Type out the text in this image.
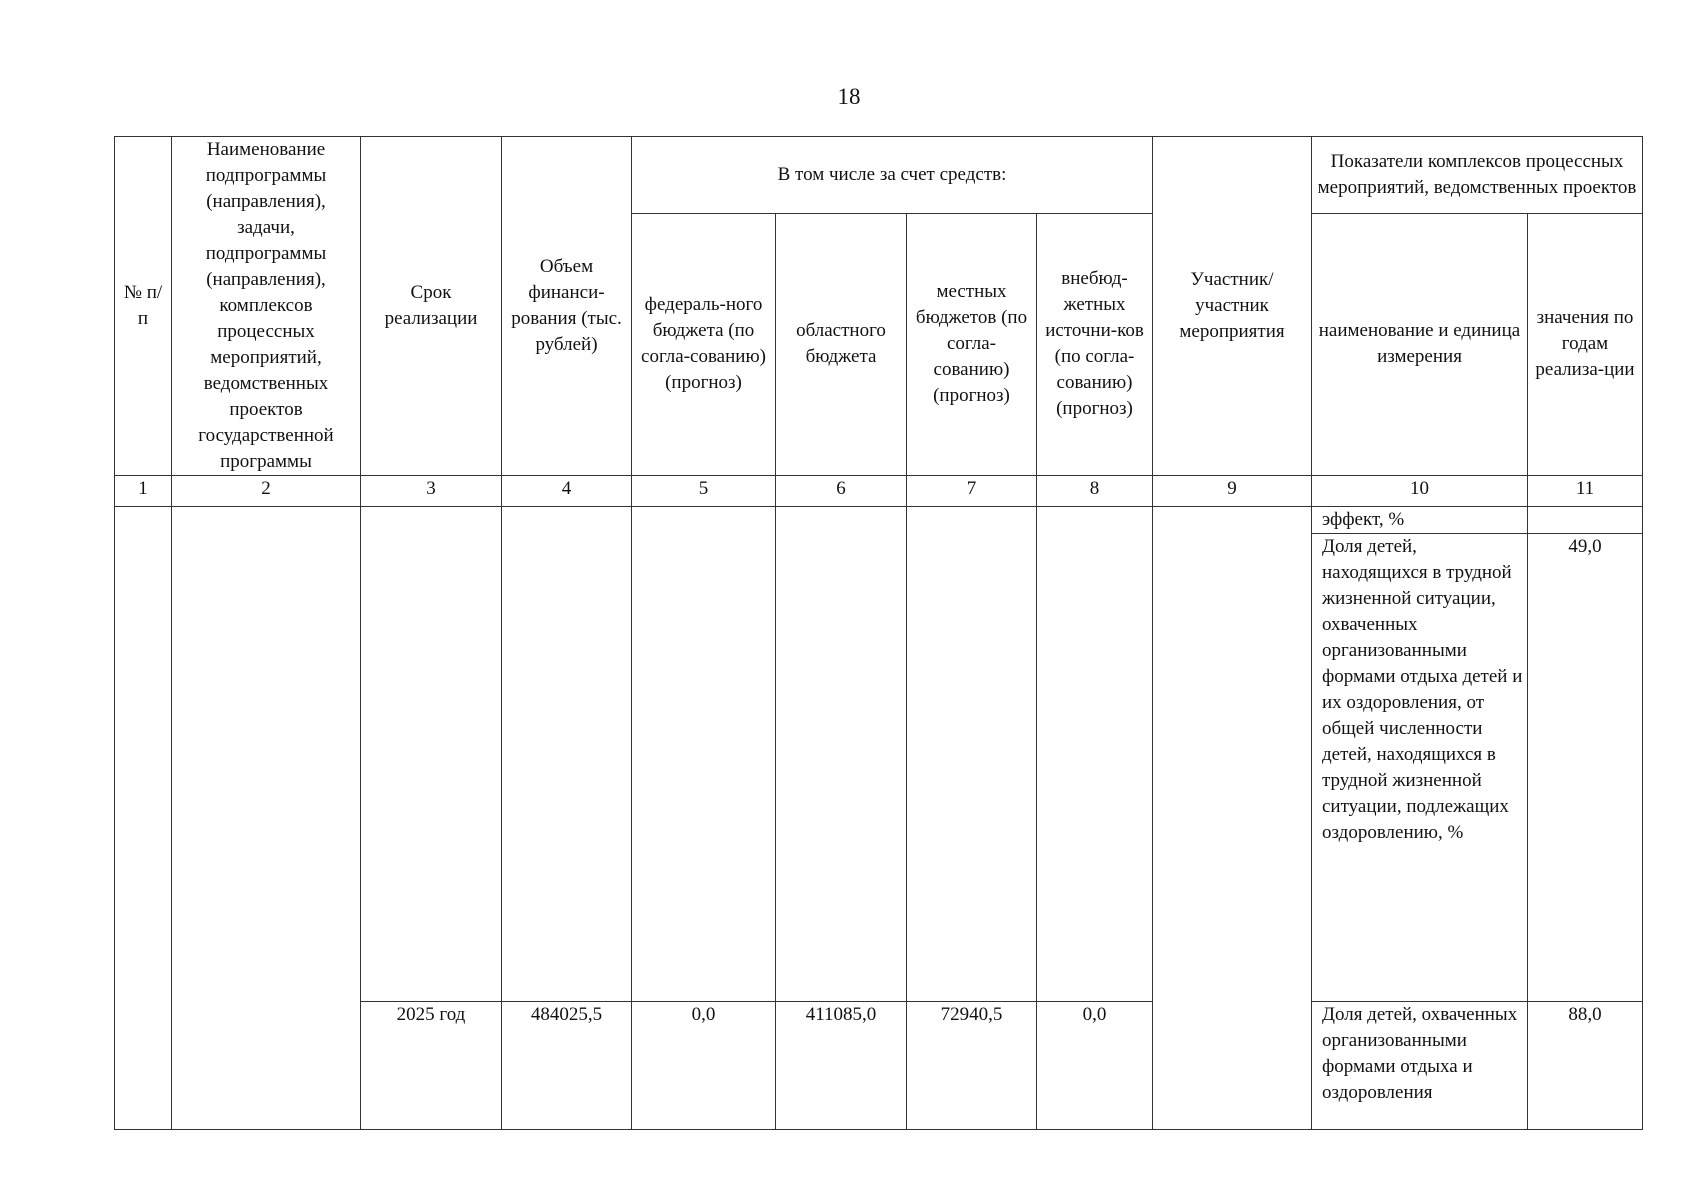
18
№ п/п	Наименование подпрограммы (направления), задачи, подпрограммы (направления), комплексов процессных мероприятий, ведомственных проектов государственной программы	Срок реализации	Объем финанси-рования (тыс. рублей)	В том числе за счет средств:				Участник/ участник мероприятия	Показатели комплексов процессных мероприятий, ведомственных проектов	
				федераль-ного бюджета (по согла-сованию) (прогноз)	областного бюджета	местных бюджетов (по согла-сованию) (прогноз)	внебюд-жетных источни-ков (по согла-сованию) (прогноз)		наименование и единица измерения	значения по годам реализа-ции
1	2	3	4	5	6	7	8	9	10	11
									эффект, %	
									Доля детей, находящихся в трудной жизненной ситуации, охваченных организованными формами отдыха детей и их оздоровления, от общей численности детей, находящихся в трудной жизненной ситуации, подлежащих оздоровлению, %	49,0
		2025 год	484025,5	0,0	411085,0	72940,5	0,0		Доля детей, охваченных организованными формами отдыха и оздоровления	88,0
